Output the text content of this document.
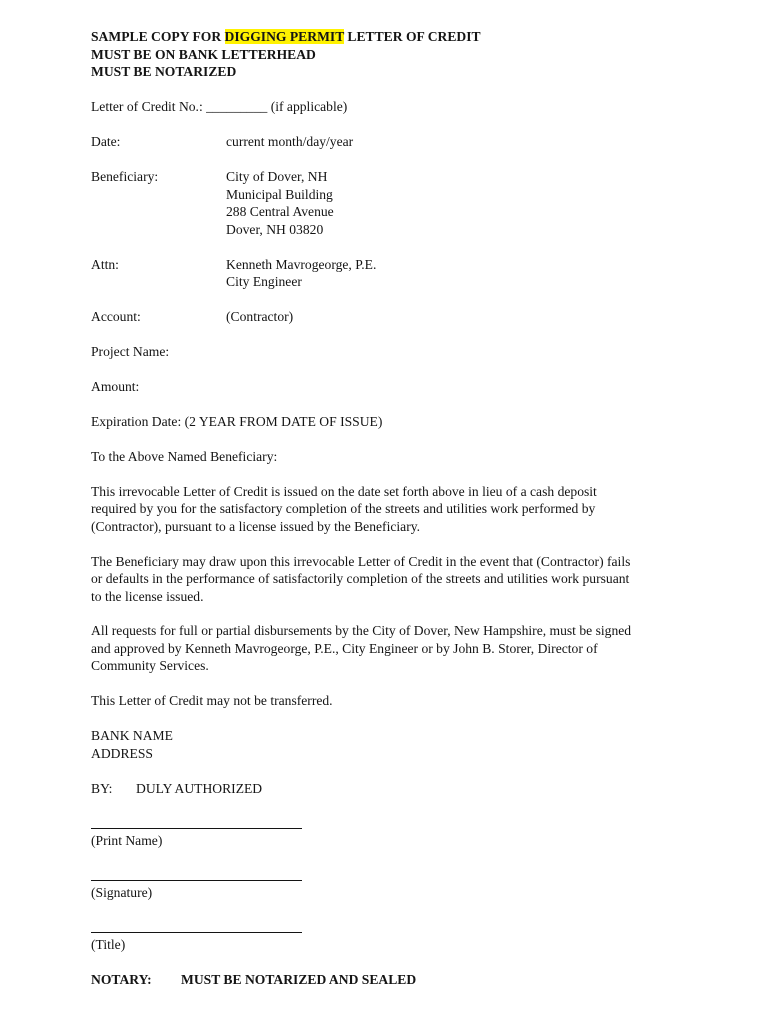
SAMPLE COPY FOR DIGGING PERMIT LETTER OF CREDIT
MUST BE ON BANK LETTERHEAD
MUST BE NOTARIZED
Letter of Credit No.: _________ (if applicable)
Date:	current month/day/year
Beneficiary:	City of Dover, NH
Municipal Building
288 Central Avenue
Dover, NH 03820
Attn:	Kenneth Mavrogeorge, P.E.
City Engineer
Account:	(Contractor)
Project Name:
Amount:
Expiration Date: (2 YEAR FROM DATE OF ISSUE)
To the Above Named Beneficiary:
This irrevocable Letter of Credit is issued on the date set forth above in lieu of a cash deposit
required by you for the satisfactory completion of the streets and utilities work performed by
(Contractor), pursuant to a license issued by the Beneficiary.
The Beneficiary may draw upon this irrevocable Letter of Credit in the event that (Contractor) fails
or defaults in the performance of satisfactorily completion of the streets and utilities work pursuant
to the license issued.
All requests for full or partial disbursements by the City of Dover, New Hampshire, must be signed
and approved by Kenneth Mavrogeorge, P.E., City Engineer or by John B. Storer, Director of
Community Services.
This Letter of Credit may not be transferred.
BANK NAME
ADDRESS
BY: DULY AUTHORIZED
(Print Name)
(Signature)
(Title)
NOTARY: MUST BE NOTARIZED AND SEALED
